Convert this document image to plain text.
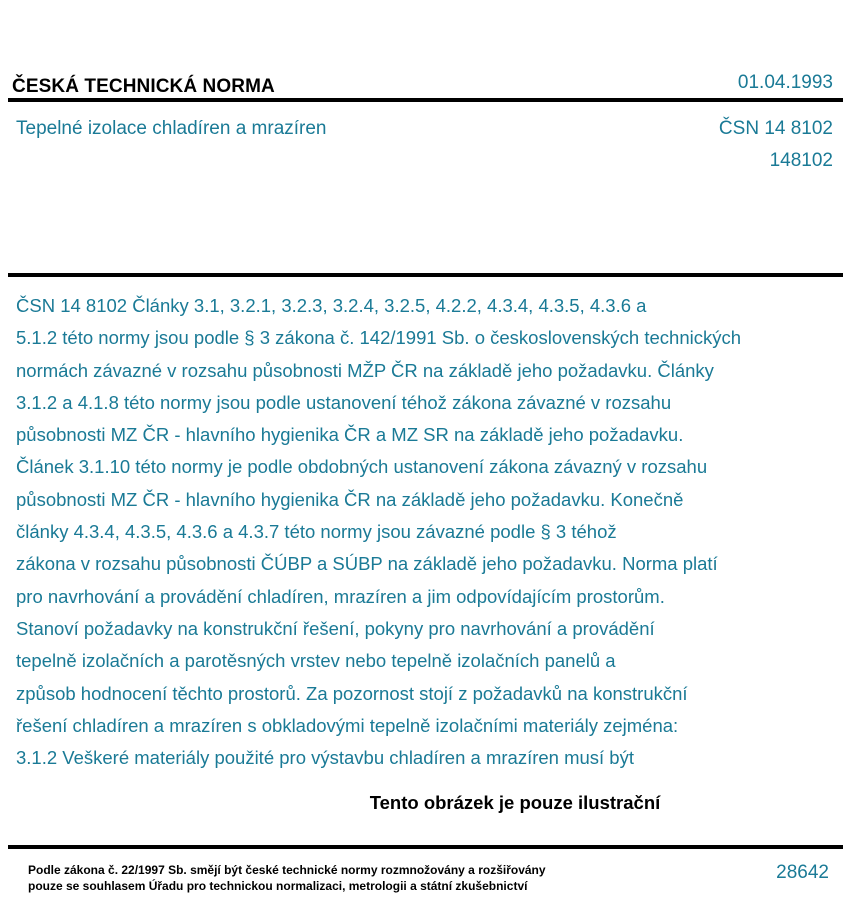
ČESKÁ TECHNICKÁ NORMA	01.04.1993
Tepelné izolace chladíren a mrazíren	ČSN 14 8102
148102
ČSN 14 8102 Články 3.1, 3.2.1, 3.2.3, 3.2.4, 3.2.5, 4.2.2, 4.3.4, 4.3.5, 4.3.6 a
5.1.2 této normy jsou podle § 3 zákona č. 142/1991 Sb. o československých technických
normách závazné v rozsahu působnosti MŽP ČR na základě jeho požadavku. Články
3.1.2 a 4.1.8 této normy jsou podle ustanovení téhož zákona závazné v rozsahu
působnosti MZ ČR - hlavního hygienika ČR a MZ SR na základě jeho požadavku.
Článek 3.1.10 této normy je podle obdobných ustanovení zákona závazný v rozsahu
působnosti MZ ČR - hlavního hygienika ČR na základě jeho požadavku. Konečně
články 4.3.4, 4.3.5, 4.3.6 a 4.3.7 této normy jsou závazné podle § 3 téhož
zákona v rozsahu působnosti ČÚBP a SÚBP na základě jeho požadavku. Norma platí
pro navrhování a provádění chladíren, mrazíren a jim odpovídajícím prostorům.
Stanoví požadavky na konstrukční řešení, pokyny pro navrhování a provádění
tepelně izolačních a parotěsných vrstev nebo tepelně izolačních panelů a
způsob hodnocení těchto prostorů. Za pozornost stojí z požadavků na konstrukční
řešení chladíren a mrazíren s obkladovými tepelně izolačními materiály zejména:
3.1.2 Veškeré materiály použité pro výstavbu chladíren a mrazíren musí být
Tento obrázek je pouze ilustrační
Podle zákona č. 22/1997 Sb. smějí být české technické normy rozmnožovány a rozšiřovány
pouze se souhlasem Úřadu pro technickou normalizaci, metrologii a státní zkušebnictví
28642
